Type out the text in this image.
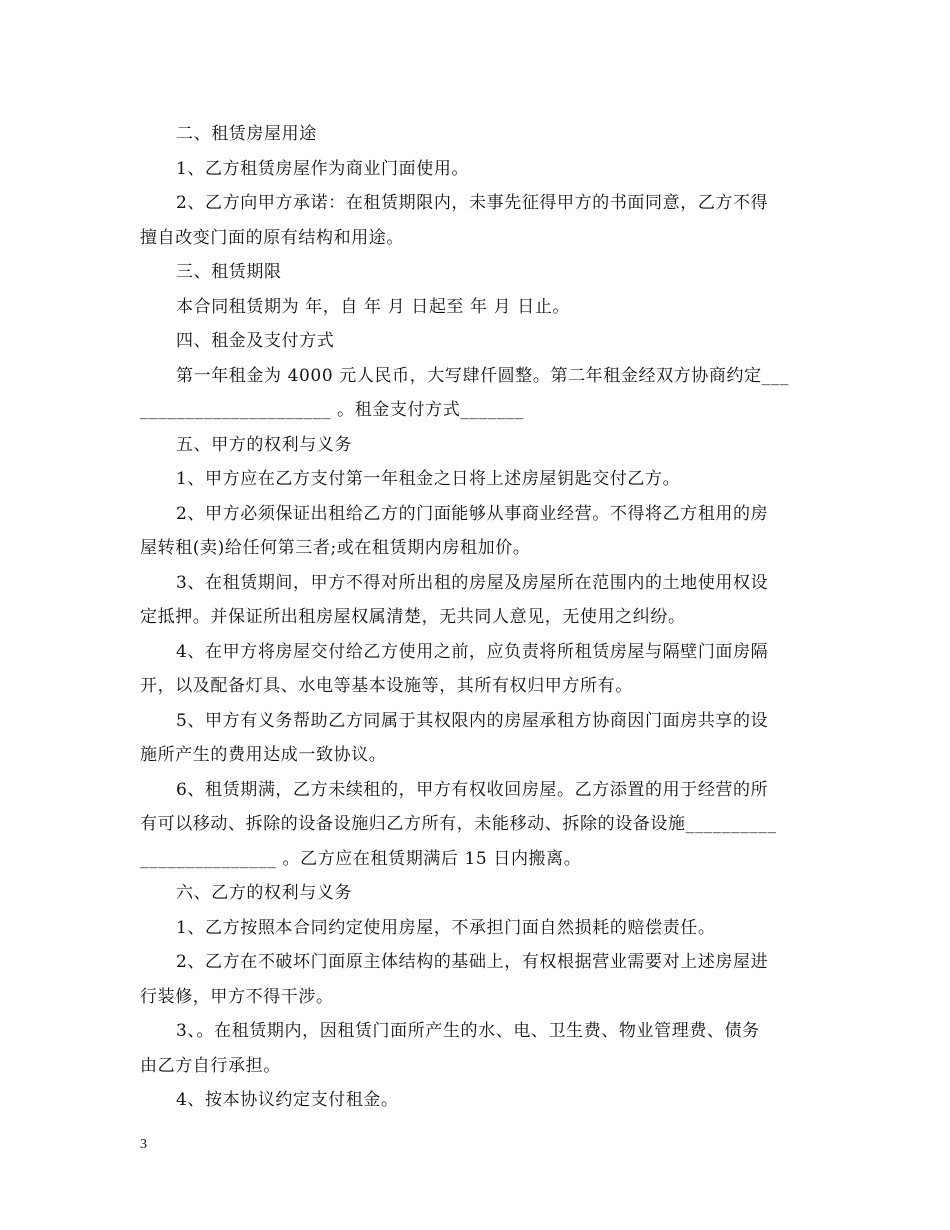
二、租赁房屋用途
1、乙方租赁房屋作为商业门面使用。
2、乙方向甲方承诺：在租赁期限内，未事先征得甲方的书面同意，乙方不得
擅自改变门面的原有结构和用途。
三、租赁期限
本合同租赁期为 年，自 年 月 日起至 年 月 日止。
四、租金及支付方式
第一年租金为 4000 元人民币，大写肆仟圆整。第二年租金经双方协商约定___
_____________________ 。租金支付方式_______
五、甲方的权利与义务
1、甲方应在乙方支付第一年租金之日将上述房屋钥匙交付乙方。
2、甲方必须保证出租给乙方的门面能够从事商业经营。不得将乙方租用的房
屋转租(卖)给任何第三者;或在租赁期内房租加价。
3、在租赁期间，甲方不得对所出租的房屋及房屋所在范围内的土地使用权设
定抵押。并保证所出租房屋权属清楚，无共同人意见，无使用之纠纷。
4、在甲方将房屋交付给乙方使用之前，应负责将所租赁房屋与隔壁门面房隔
开，以及配备灯具、水电等基本设施等，其所有权归甲方所有。
5、甲方有义务帮助乙方同属于其权限内的房屋承租方协商因门面房共享的设
施所产生的费用达成一致协议。
6、租赁期满，乙方未续租的，甲方有权收回房屋。乙方添置的用于经营的所
有可以移动、拆除的设备设施归乙方所有，未能移动、拆除的设备设施__________
_______________ 。乙方应在租赁期满后 15 日内搬离。
六、乙方的权利与义务
1、乙方按照本合同约定使用房屋，不承担门面自然损耗的赔偿责任。
2、乙方在不破坏门面原主体结构的基础上，有权根据营业需要对上述房屋进
行装修，甲方不得干涉。
3、。在租赁期内，因租赁门面所产生的水、电、卫生费、物业管理费、债务
由乙方自行承担。
4、按本协议约定支付租金。
3
